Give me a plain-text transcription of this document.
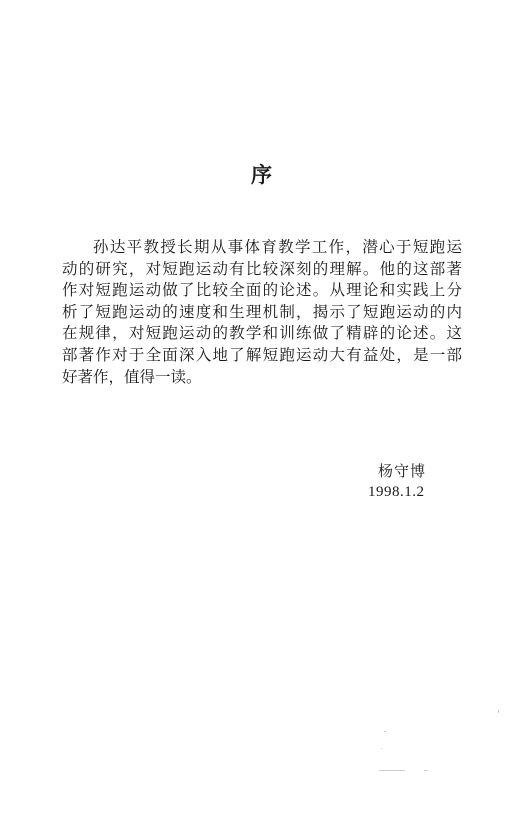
序
孙达平教授长期从事体育教学工作，潜心于短跑运
动的研究，对短跑运动有比较深刻的理解。他的这部著
作对短跑运动做了比较全面的论述。从理论和实践上分
析了短跑运动的速度和生理机制，揭示了短跑运动的内
在规律，对短跑运动的教学和训练做了精辟的论述。这
部著作对于全面深入地了解短跑运动大有益处，是一部
好著作，值得一读。
杨守博
1998.1.2
